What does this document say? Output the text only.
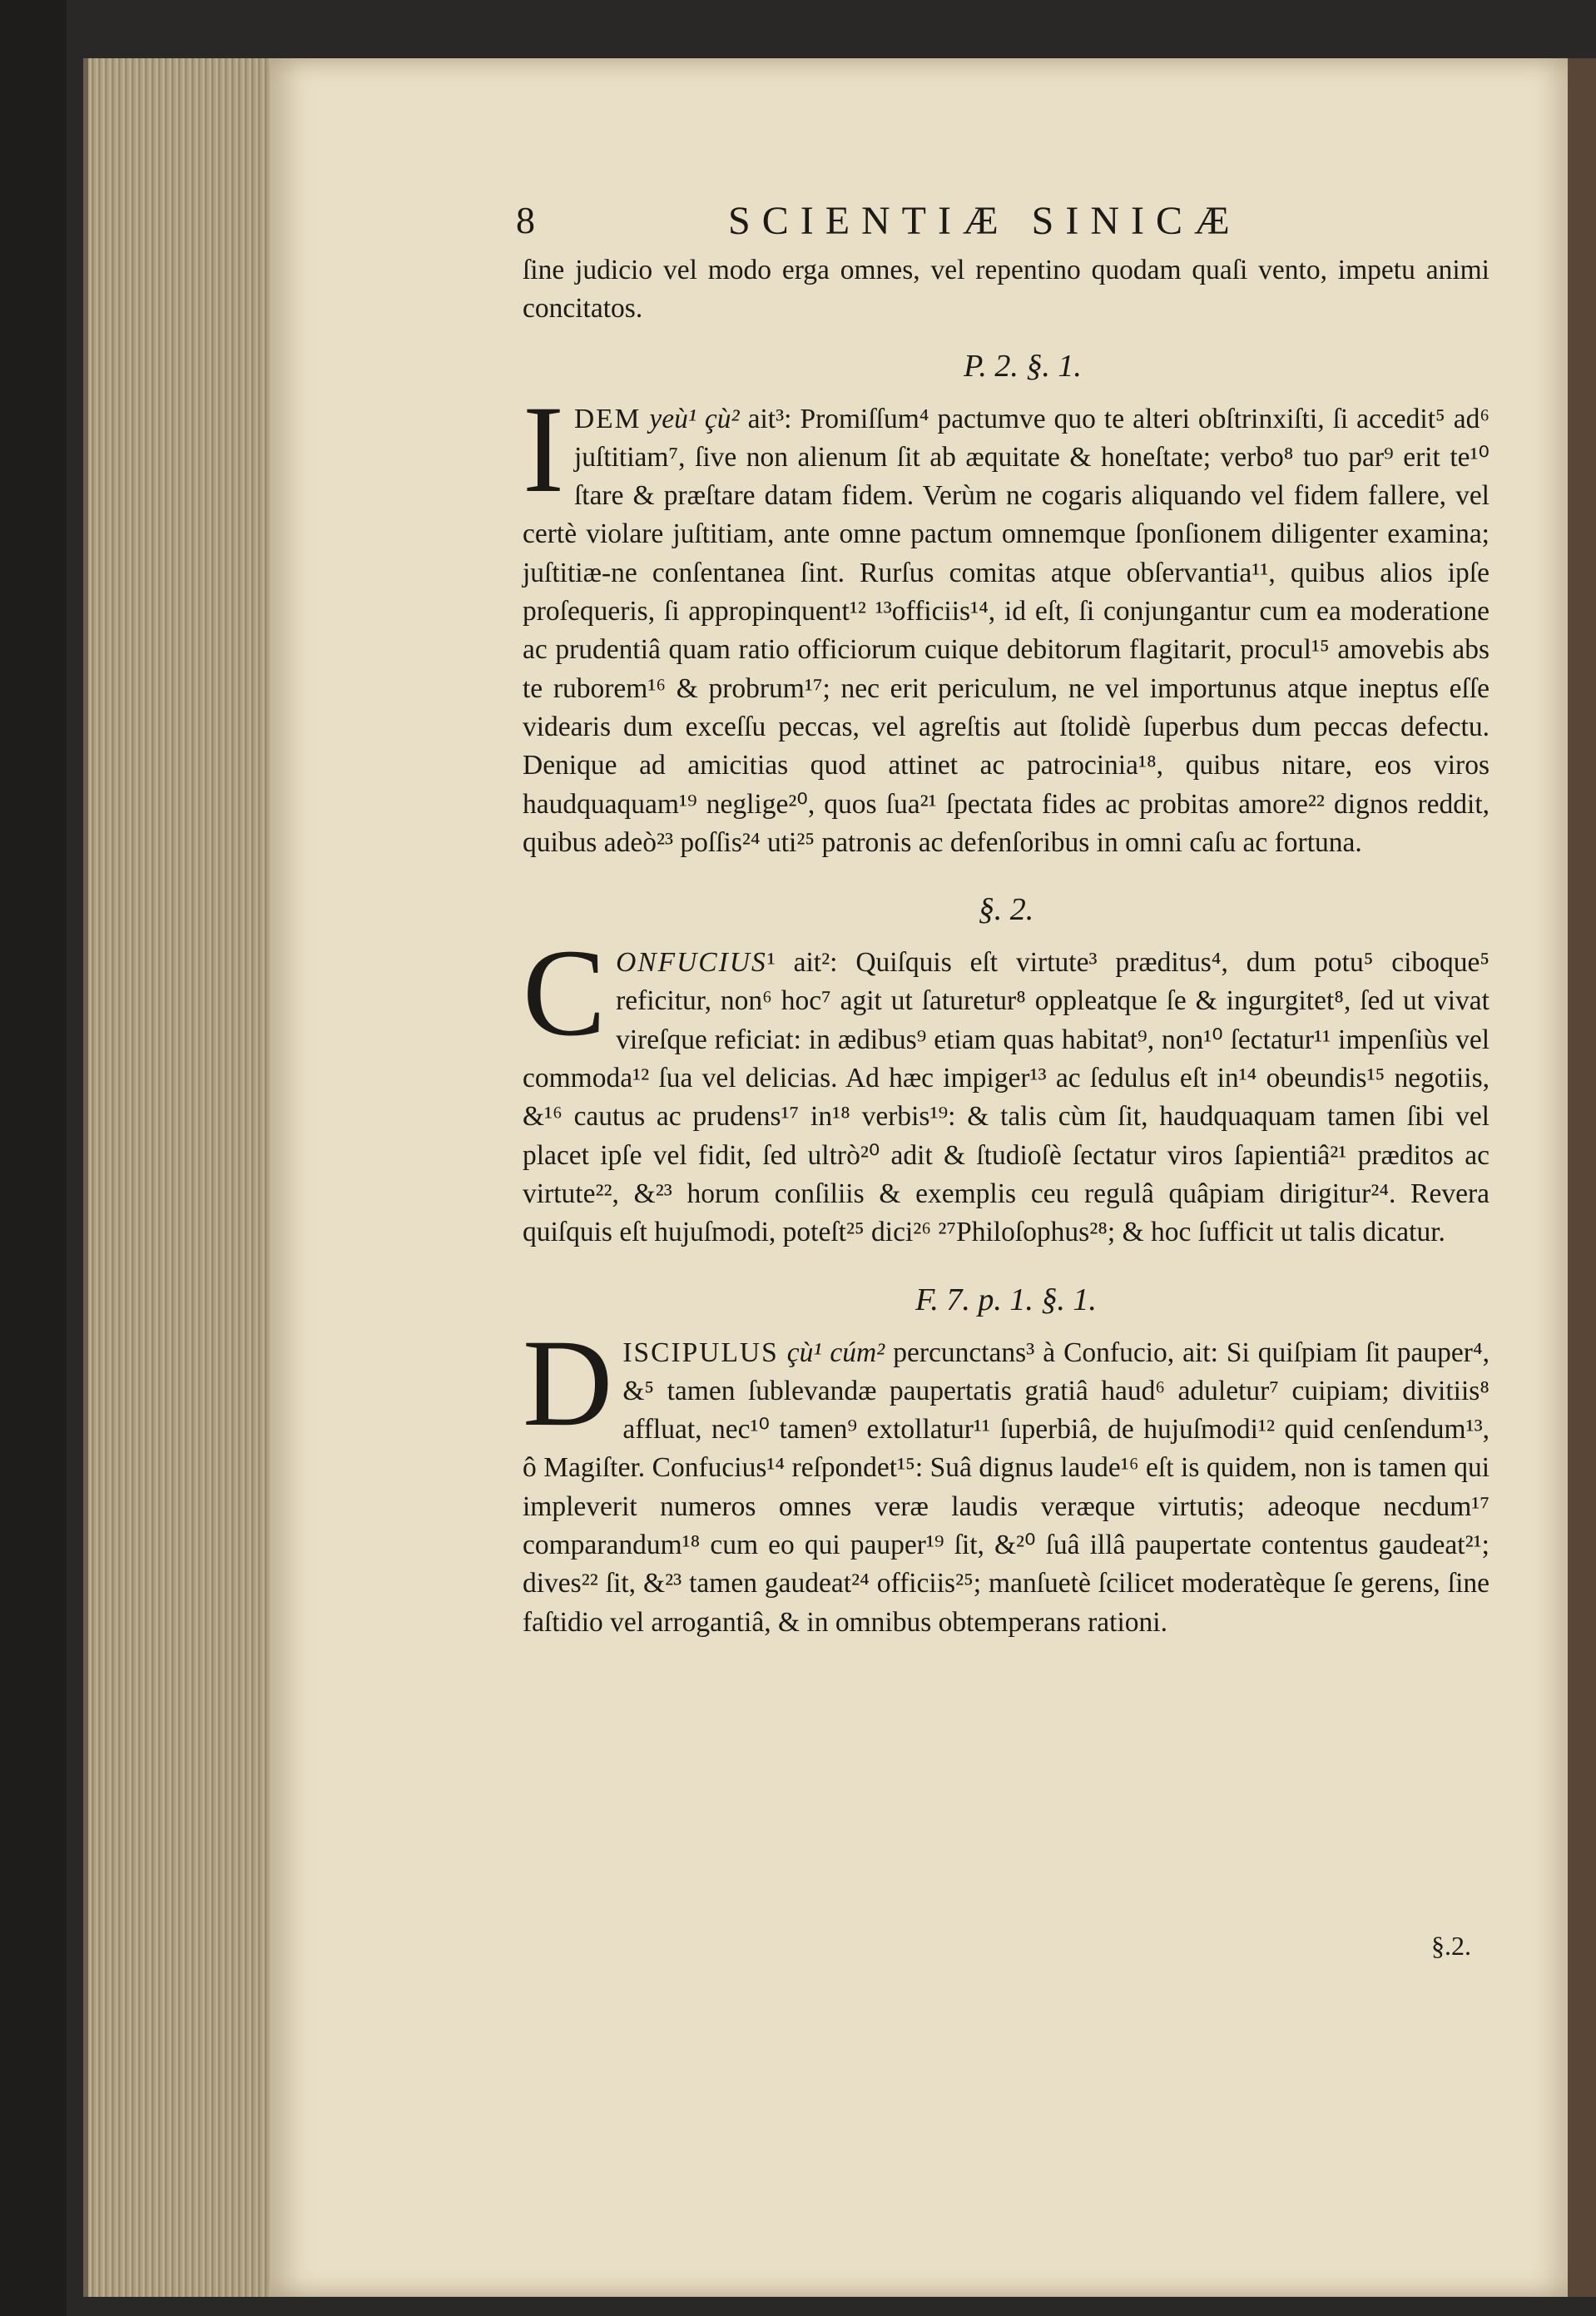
8	SCIENTIÆ SINICÆ

ſine judicio vel modo erga omnes, vel repentino quodam quaſi vento, impetu animi concitatos.

P. 2. §. 1.

IDEM yeù¹ çù² ait³: Promiſſum⁴ pactumve quo te alteri obſtrinxiſti, ſi accedit⁵ ad⁶ juſtitiam⁷, ſive non alienum ſit ab æquitate & honeſtate; verbo⁸ tuo par⁹ erit te¹⁰ ſtare & præſtare datam fidem. Verùm ne cogaris aliquando vel fidem fallere, vel certè violare juſtitiam, ante omne pactum omnemque ſponſionem diligenter examina; juſtitiæ-ne conſentanea ſint. Rurſus comitas atque obſervantia¹¹, quibus alios ipſe proſequeris, ſi appropinquent¹² ¹³officiis¹⁴, id eſt, ſi conjungantur cum ea moderatione ac prudentiâ quam ratio officiorum cuique debitorum flagitarit, procul¹⁵ amovebis abs te ruborem¹⁶ & probrum¹⁷; nec erit periculum, ne vel importunus atque ineptus eſſe videaris dum exceſſu peccas, vel agreſtis aut ſtolidè ſuperbus dum peccas defectu. Denique ad amicitias quod attinet ac patrocinia¹⁸, quibus nitare, eos viros haudquaquam¹⁹ neglige²⁰, quos ſua²¹ ſpectata fides ac probitas amore²² dignos reddit, quibus adeò²³ poſſis²⁴ uti²⁵ patronis ac defenſoribus in omni caſu ac fortuna.

§. 2.

CONFUCIUS¹ ait²: Quiſquis eſt virtute³ præditus⁴, dum potu⁵ ciboque⁵ reficitur, non⁶ hoc⁷ agit ut ſaturetur⁸ oppleatque ſe & ingurgitet⁸, ſed ut vivat vireſque reficiat: in ædibus⁹ etiam quas habitat⁹, non¹⁰ ſectatur¹¹ impenſiùs vel commoda¹² ſua vel delicias. Ad hæc impiger¹³ ac ſedulus eſt in¹⁴ obeundis¹⁵ negotiis, &¹⁶ cautus ac prudens¹⁷ in¹⁸ verbis¹⁹: & talis cùm ſit, haudquaquam tamen ſibi vel placet ipſe vel fidit, ſed ultrò²⁰ adit & ſtudioſè ſectatur viros ſapientiâ²¹ præditos ac virtute²², &²³ horum conſiliis & exemplis ceu regulâ quâpiam dirigitur²⁴. Revera quiſquis eſt hujuſmodi, poteſt²⁵ dici²⁶ ²⁷Philoſophus²⁸; & hoc ſufficit ut talis dicatur.

F. 7. p. 1. §. 1.

DISCIPULUS çù¹ cúm² percunctans³ à Confucio, ait: Si quiſpiam ſit pauper⁴, &⁵ tamen ſublevandæ paupertatis gratiâ haud⁶ aduletur⁷ cuipiam; divitiis⁸ affluat, nec¹⁰ tamen⁹ extollatur¹¹ ſuperbiâ, de hujuſmodi¹² quid cenſendum¹³, ô Magiſter. Confucius¹⁴ reſpondet¹⁵: Suâ dignus laude¹⁶ eſt is quidem, non is tamen qui impleverit numeros omnes veræ laudis veræque virtutis; adeoque necdum¹⁷ comparandum¹⁸ cum eo qui pauper¹⁹ ſit, &²⁰ ſuâ illâ paupertate contentus gaudeat²¹; dives²² ſit, &²³ tamen gaudeat²⁴ officiis²⁵; manſuetè ſcilicet moderatèque ſe gerens, ſine faſtidio vel arrogantiâ, & in omnibus obtemperans rationi.

§.2.
